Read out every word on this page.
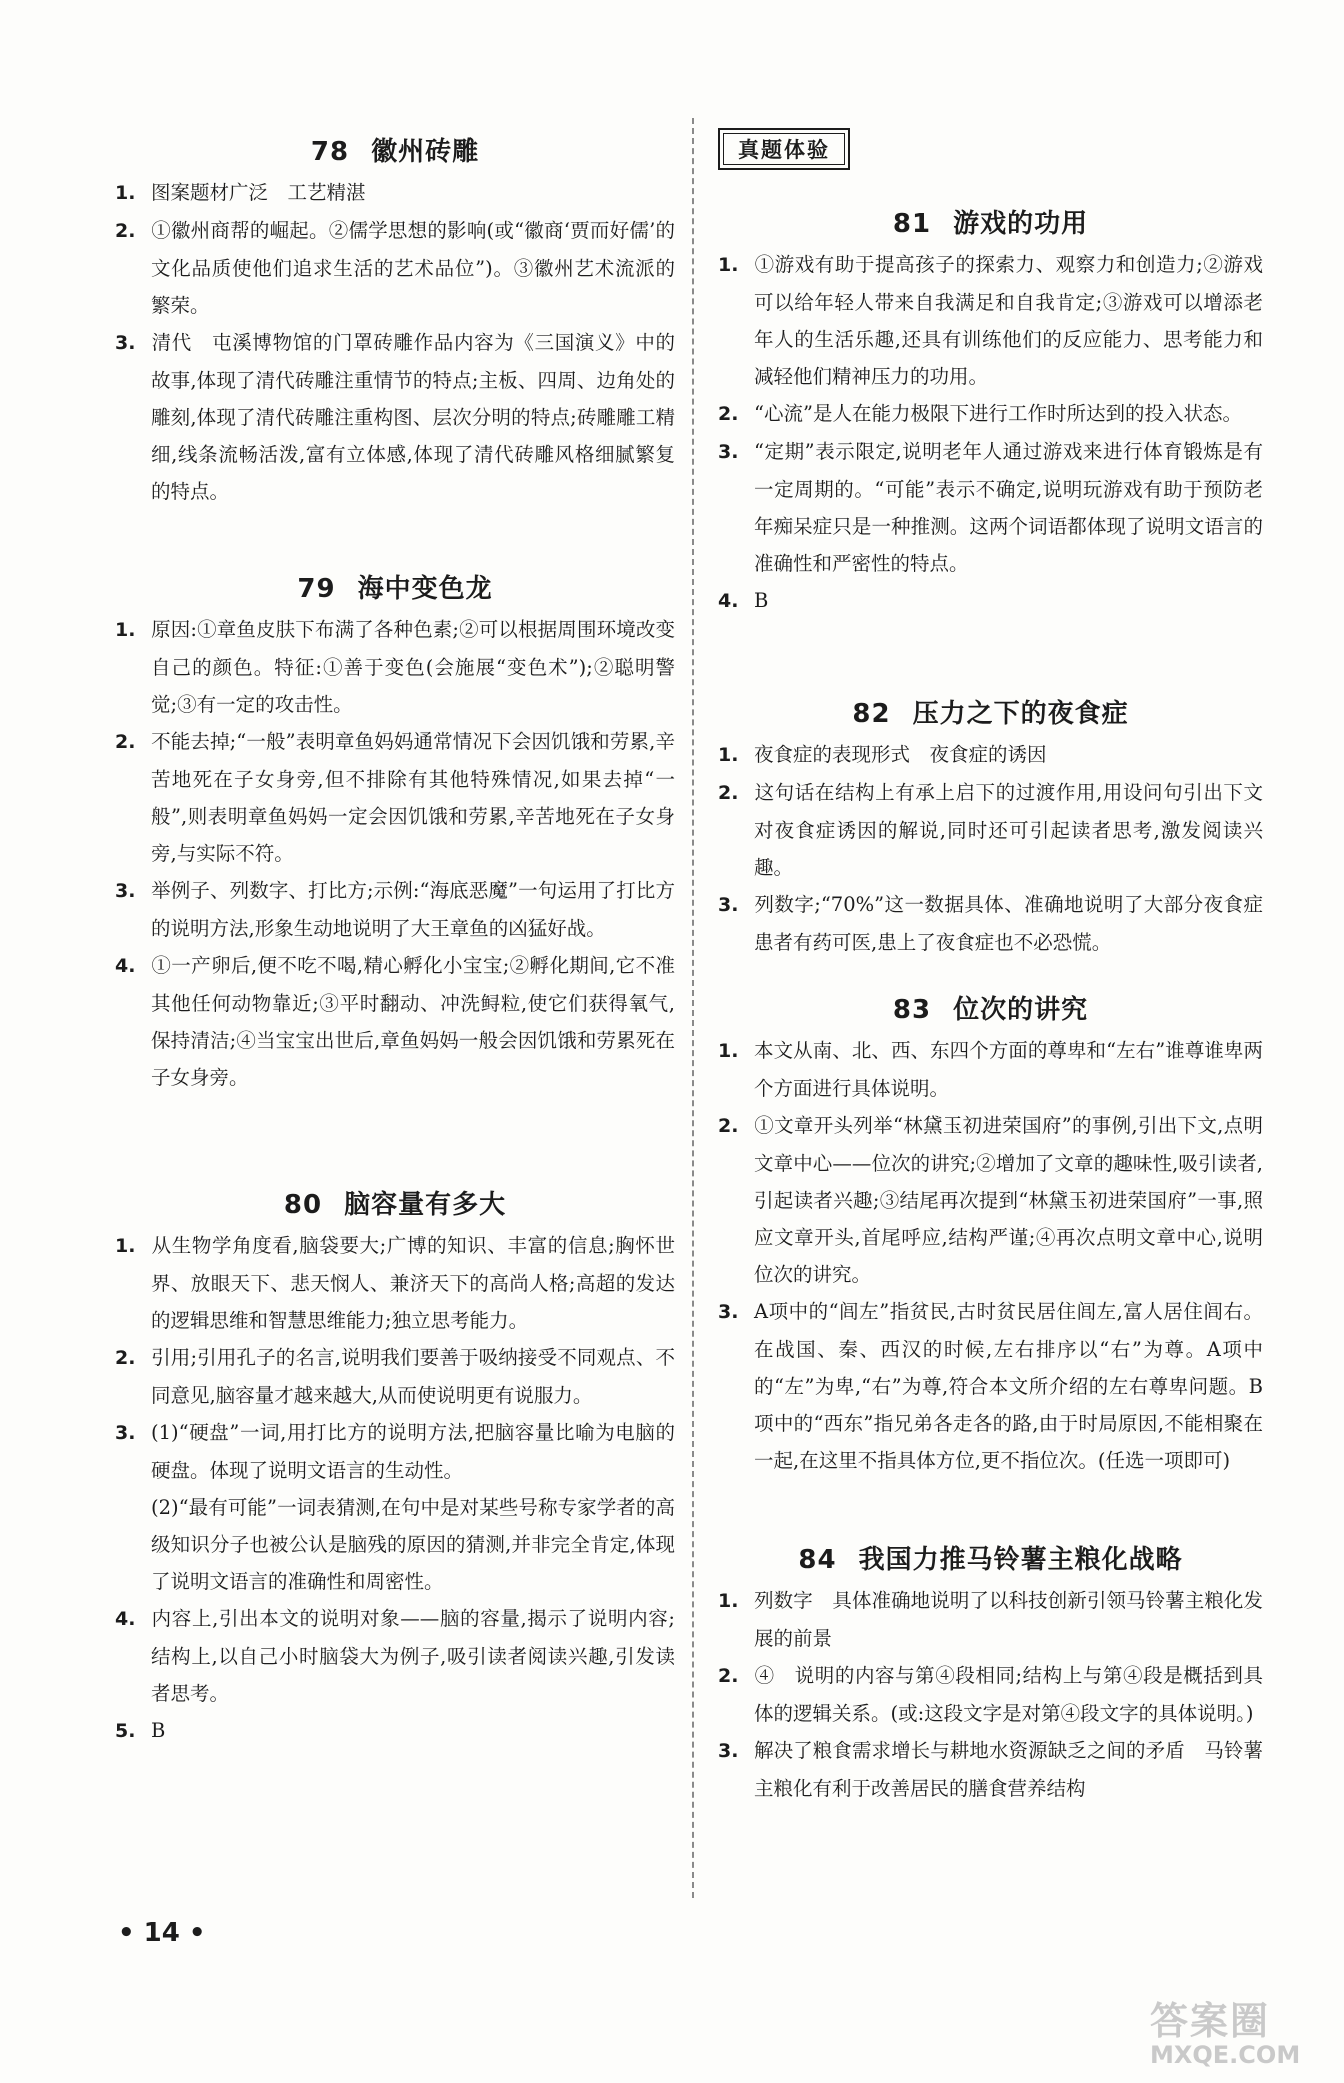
真题体验
78 徽州砖雕

1. 图案题材广泛　工艺精湛

2. ①徽州商帮的崛起。②儒学思想的影响(或“徽商‘贾而好儒’的文化品质使他们追求生活的艺术品位”)。③徽州艺术流派的繁荣。

3. 清代　屯溪博物馆的门罩砖雕作品内容为《三国演义》中的故事,体现了清代砖雕注重情节的特点;主板、四周、边角处的雕刻,体现了清代砖雕注重构图、层次分明的特点;砖雕雕工精细,线条流畅活泼,富有立体感,体现了清代砖雕风格细腻繁复的特点。

79 海中变色龙

1. 原因:①章鱼皮肤下布满了各种色素;②可以根据周围环境改变自己的颜色。特征:①善于变色(会施展“变色术”);②聪明警觉;③有一定的攻击性。

2. 不能去掉;“一般”表明章鱼妈妈通常情况下会因饥饿和劳累,辛苦地死在子女身旁,但不排除有其他特殊情况,如果去掉“一般”,则表明章鱼妈妈一定会因饥饿和劳累,辛苦地死在子女身旁,与实际不符。

3. 举例子、列数字、打比方;示例:“海底恶魔”一句运用了打比方的说明方法,形象生动地说明了大王章鱼的凶猛好战。

4. ①一产卵后,便不吃不喝,精心孵化小宝宝;②孵化期间,它不准其他任何动物靠近;③平时翻动、冲洗鲟粒,使它们获得氧气,保持清洁;④当宝宝出世后,章鱼妈妈一般会因饥饿和劳累死在子女身旁。

80 脑容量有多大

1. 从生物学角度看,脑袋要大;广博的知识、丰富的信息;胸怀世界、放眼天下、悲天悯人、兼济天下的高尚人格;高超的发达的逻辑思维和智慧思维能力;独立思考能力。

2. 引用;引用孔子的名言,说明我们要善于吸纳接受不同观点、不同意见,脑容量才越来越大,从而使说明更有说服力。

3. (1)“硬盘”一词,用打比方的说明方法,把脑容量比喻为电脑的硬盘。体现了说明文语言的生动性。

(2)“最有可能”一词表猜测,在句中是对某些号称专家学者的高级知识分子也被公认是脑残的原因的猜测,并非完全肯定,体现了说明文语言的准确性和周密性。

4. 内容上,引出本文的说明对象——脑的容量,揭示了说明内容;结构上,以自己小时脑袋大为例子,吸引读者阅读兴趣,引发读者思考。

5. B

81 游戏的功用

1. ①游戏有助于提高孩子的探索力、观察力和创造力;②游戏可以给年轻人带来自我满足和自我肯定;③游戏可以增添老年人的生活乐趣,还具有训练他们的反应能力、思考能力和减轻他们精神压力的功用。

2. “心流”是人在能力极限下进行工作时所达到的投入状态。

3. “定期”表示限定,说明老年人通过游戏来进行体育锻炼是有一定周期的。“可能”表示不确定,说明玩游戏有助于预防老年痴呆症只是一种推测。这两个词语都体现了说明文语言的准确性和严密性的特点。

4. B

82 压力之下的夜食症

1. 夜食症的表现形式　夜食症的诱因

2. 这句话在结构上有承上启下的过渡作用,用设问句引出下文对夜食症诱因的解说,同时还可引起读者思考,激发阅读兴趣。

3. 列数字;“70%”这一数据具体、准确地说明了大部分夜食症患者有药可医,患上了夜食症也不必恐慌。

83 位次的讲究

1. 本文从南、北、西、东四个方面的尊卑和“左右”谁尊谁卑两个方面进行具体说明。

2. ①文章开头列举“林黛玉初进荣国府”的事例,引出下文,点明文章中心——位次的讲究;②增加了文章的趣味性,吸引读者,引起读者兴趣;③结尾再次提到“林黛玉初进荣国府”一事,照应文章开头,首尾呼应,结构严谨;④再次点明文章中心,说明位次的讲究。

3. A项中的“闾左”指贫民,古时贫民居住闾左,富人居住闾右。在战国、秦、西汉的时候,左右排序以“右”为尊。A项中的“左”为卑,“右”为尊,符合本文所介绍的左右尊卑问题。B项中的“西东”指兄弟各走各的路,由于时局原因,不能相聚在一起,在这里不指具体方位,更不指位次。(任选一项即可)

84 我国力推马铃薯主粮化战略

1. 列数字　具体准确地说明了以科技创新引领马铃薯主粮化发展的前景

2. ④　说明的内容与第④段相同;结构上与第④段是概括到具体的逻辑关系。(或:这段文字是对第④段文字的具体说明。)

3. 解决了粮食需求增长与耕地水资源缺乏之间的矛盾　马铃薯主粮化有利于改善居民的膳食营养结构

• 14 •
答案圈
MXQE.COM
